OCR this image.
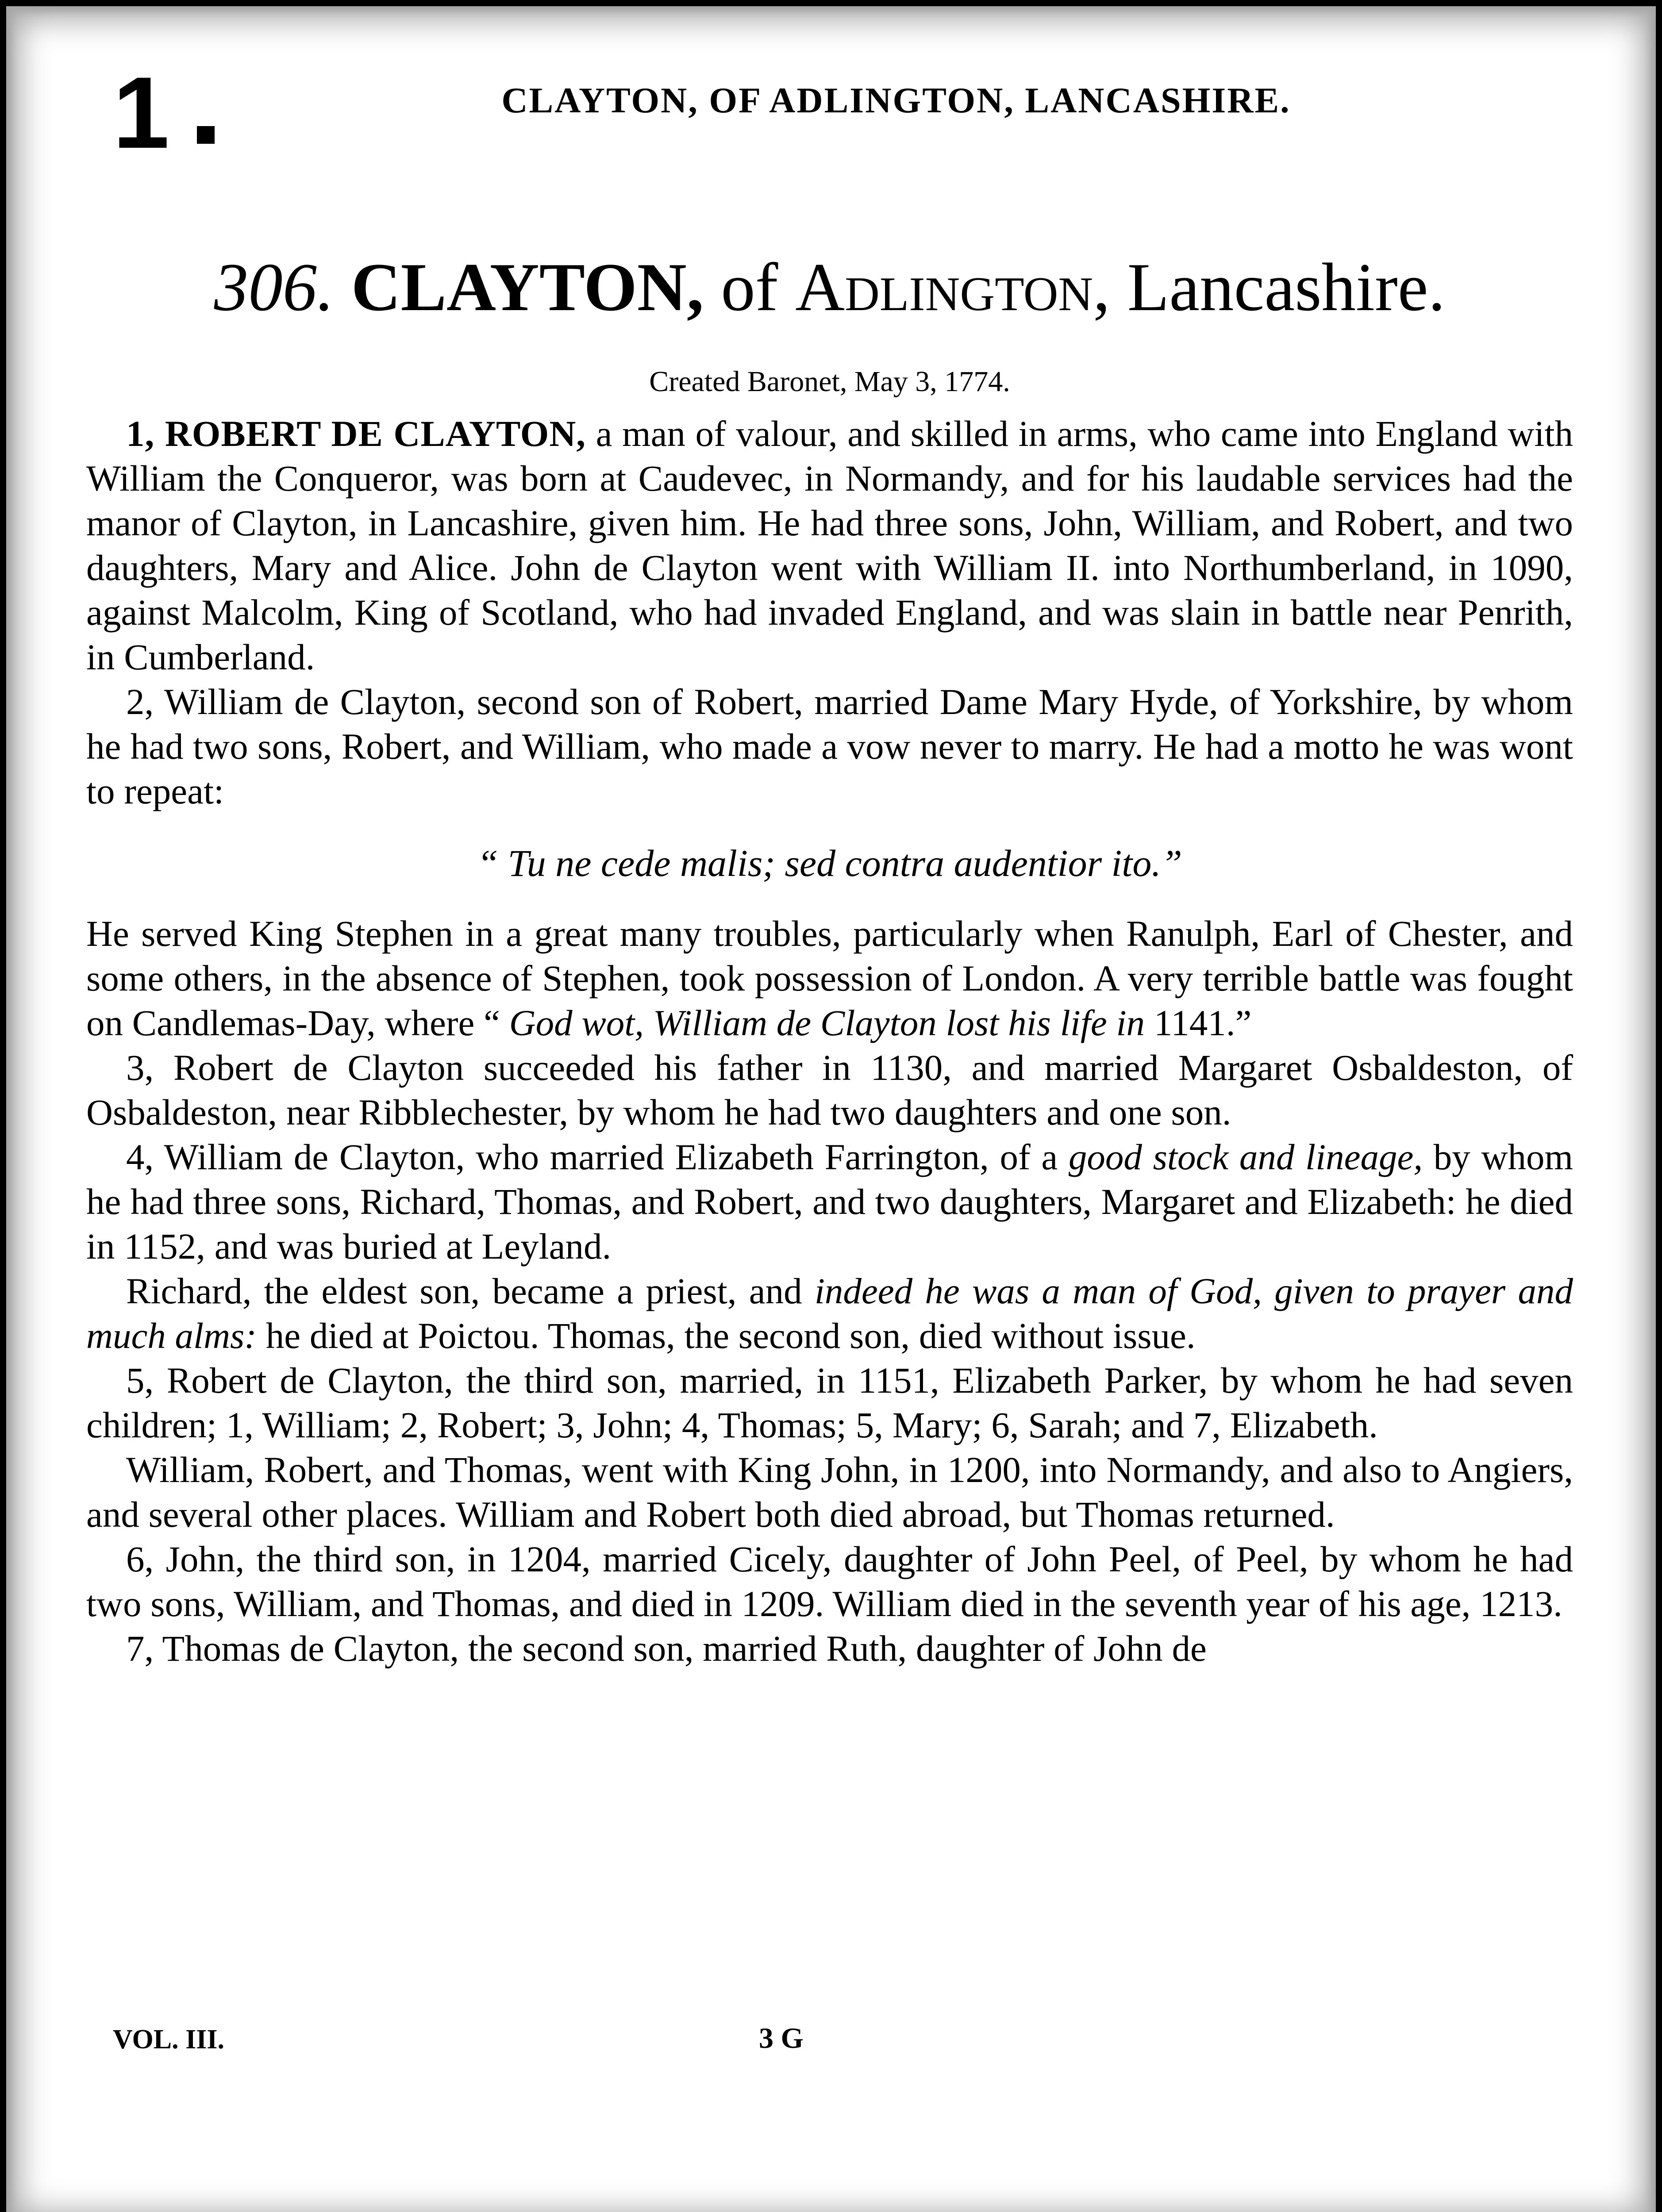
1	CLAYTON, OF ADLINGTON, LANCASHIRE.
306. CLAYTON, of Adlington, Lancashire.
Created Baronet, May 3, 1774.

1, ROBERT DE CLAYTON, a man of valour, and skilled in arms, who came into England with William the Conqueror, was born at Caudevec, in Normandy, and for his laudable services had the manor of Clayton, in Lancashire, given him. He had three sons, John, William, and Robert, and two daughters, Mary and Alice. John de Clayton went with William II. into Northumberland, in 1090, against Malcolm, King of Scotland, who had invaded England, and was slain in battle near Penrith, in Cumberland.

2, William de Clayton, second son of Robert, married Dame Mary Hyde, of Yorkshire, by whom he had two sons, Robert, and William, who made a vow never to marry. He had a motto he was wont to repeat:

“ Tu ne cede malis; sed contra audentior ito.”

He served King Stephen in a great many troubles, particularly when Ranulph, Earl of Chester, and some others, in the absence of Stephen, took possession of London. A very terrible battle was fought on Candlemas-Day, where “ God wot, William de Clayton lost his life in 1141.”

3, Robert de Clayton succeeded his father in 1130, and married Margaret Osbaldeston, of Osbaldeston, near Ribblechester, by whom he had two daughters and one son.

4, William de Clayton, who married Elizabeth Farrington, of a good stock and lineage, by whom he had three sons, Richard, Thomas, and Robert, and two daughters, Margaret and Elizabeth: he died in 1152, and was buried at Leyland.

Richard, the eldest son, became a priest, and indeed he was a man of God, given to prayer and much alms: he died at Poictou. Thomas, the second son, died without issue.

5, Robert de Clayton, the third son, married, in 1151, Elizabeth Parker, by whom he had seven children; 1, William; 2, Robert; 3, John; 4, Thomas; 5, Mary; 6, Sarah; and 7, Elizabeth.

William, Robert, and Thomas, went with King John, in 1200, into Normandy, and also to Angiers, and several other places. William and Robert both died abroad, but Thomas returned.

6, John, the third son, in 1204, married Cicely, daughter of John Peel, of Peel, by whom he had two sons, William, and Thomas, and died in 1209. William died in the seventh year of his age, 1213.

7, Thomas de Clayton, the second son, married Ruth, daughter of John de

VOL. III.	3 G
